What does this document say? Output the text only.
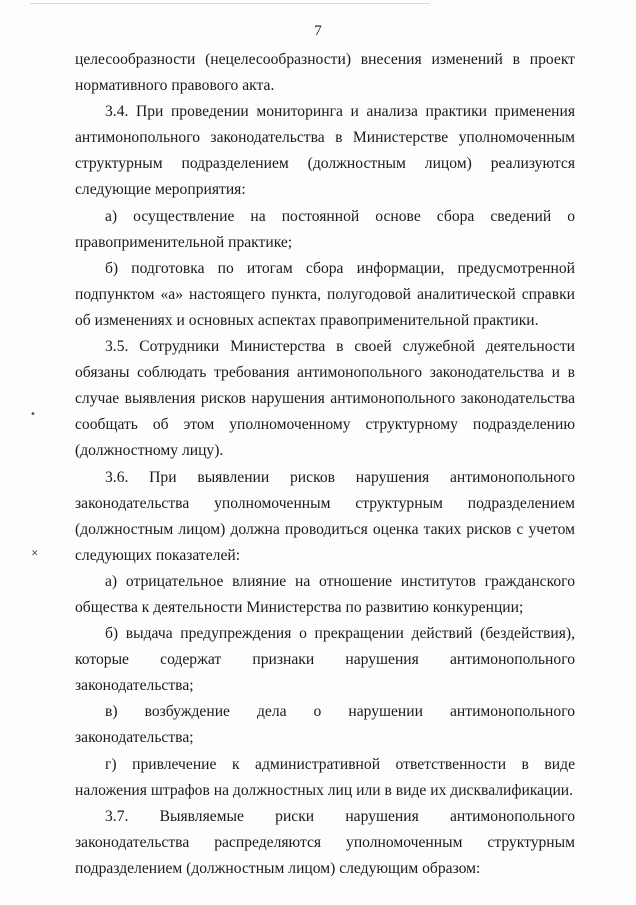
7

целесообразности (нецелесообразности) внесения изменений в проект нормативного правового акта.

3.4. При проведении мониторинга и анализа практики применения антимонопольного законодательства в Министерстве уполномоченным структурным подразделением (должностным лицом) реализуются следующие мероприятия:

а) осуществление на постоянной основе сбора сведений о правоприменительной практике;

б) подготовка по итогам сбора информации, предусмотренной подпунктом «а» настоящего пункта, полугодовой аналитической справки об изменениях и основных аспектах правоприменительной практики.

3.5. Сотрудники Министерства в своей служебной деятельности обязаны соблюдать требования антимонопольного законодательства и в случае выявления рисков нарушения антимонопольного законодательства сообщать об этом уполномоченному структурному подразделению (должностному лицу).

3.6. При выявлении рисков нарушения антимонопольного законодательства уполномоченным структурным подразделением (должностным лицом) должна проводиться оценка таких рисков с учетом следующих показателей:

а) отрицательное влияние на отношение институтов гражданского общества к деятельности Министерства по развитию конкуренции;

б) выдача предупреждения о прекращении действий (бездействия), которые содержат признаки нарушения антимонопольного законодательства;

в) возбуждение дела о нарушении антимонопольного законодательства;

г) привлечение к административной ответственности в виде наложения штрафов на должностных лиц или в виде их дисквалификации.

3.7. Выявляемые риски нарушения антимонопольного законодательства распределяются уполномоченным структурным подразделением (должностным лицом) следующим образом:

•
✕
